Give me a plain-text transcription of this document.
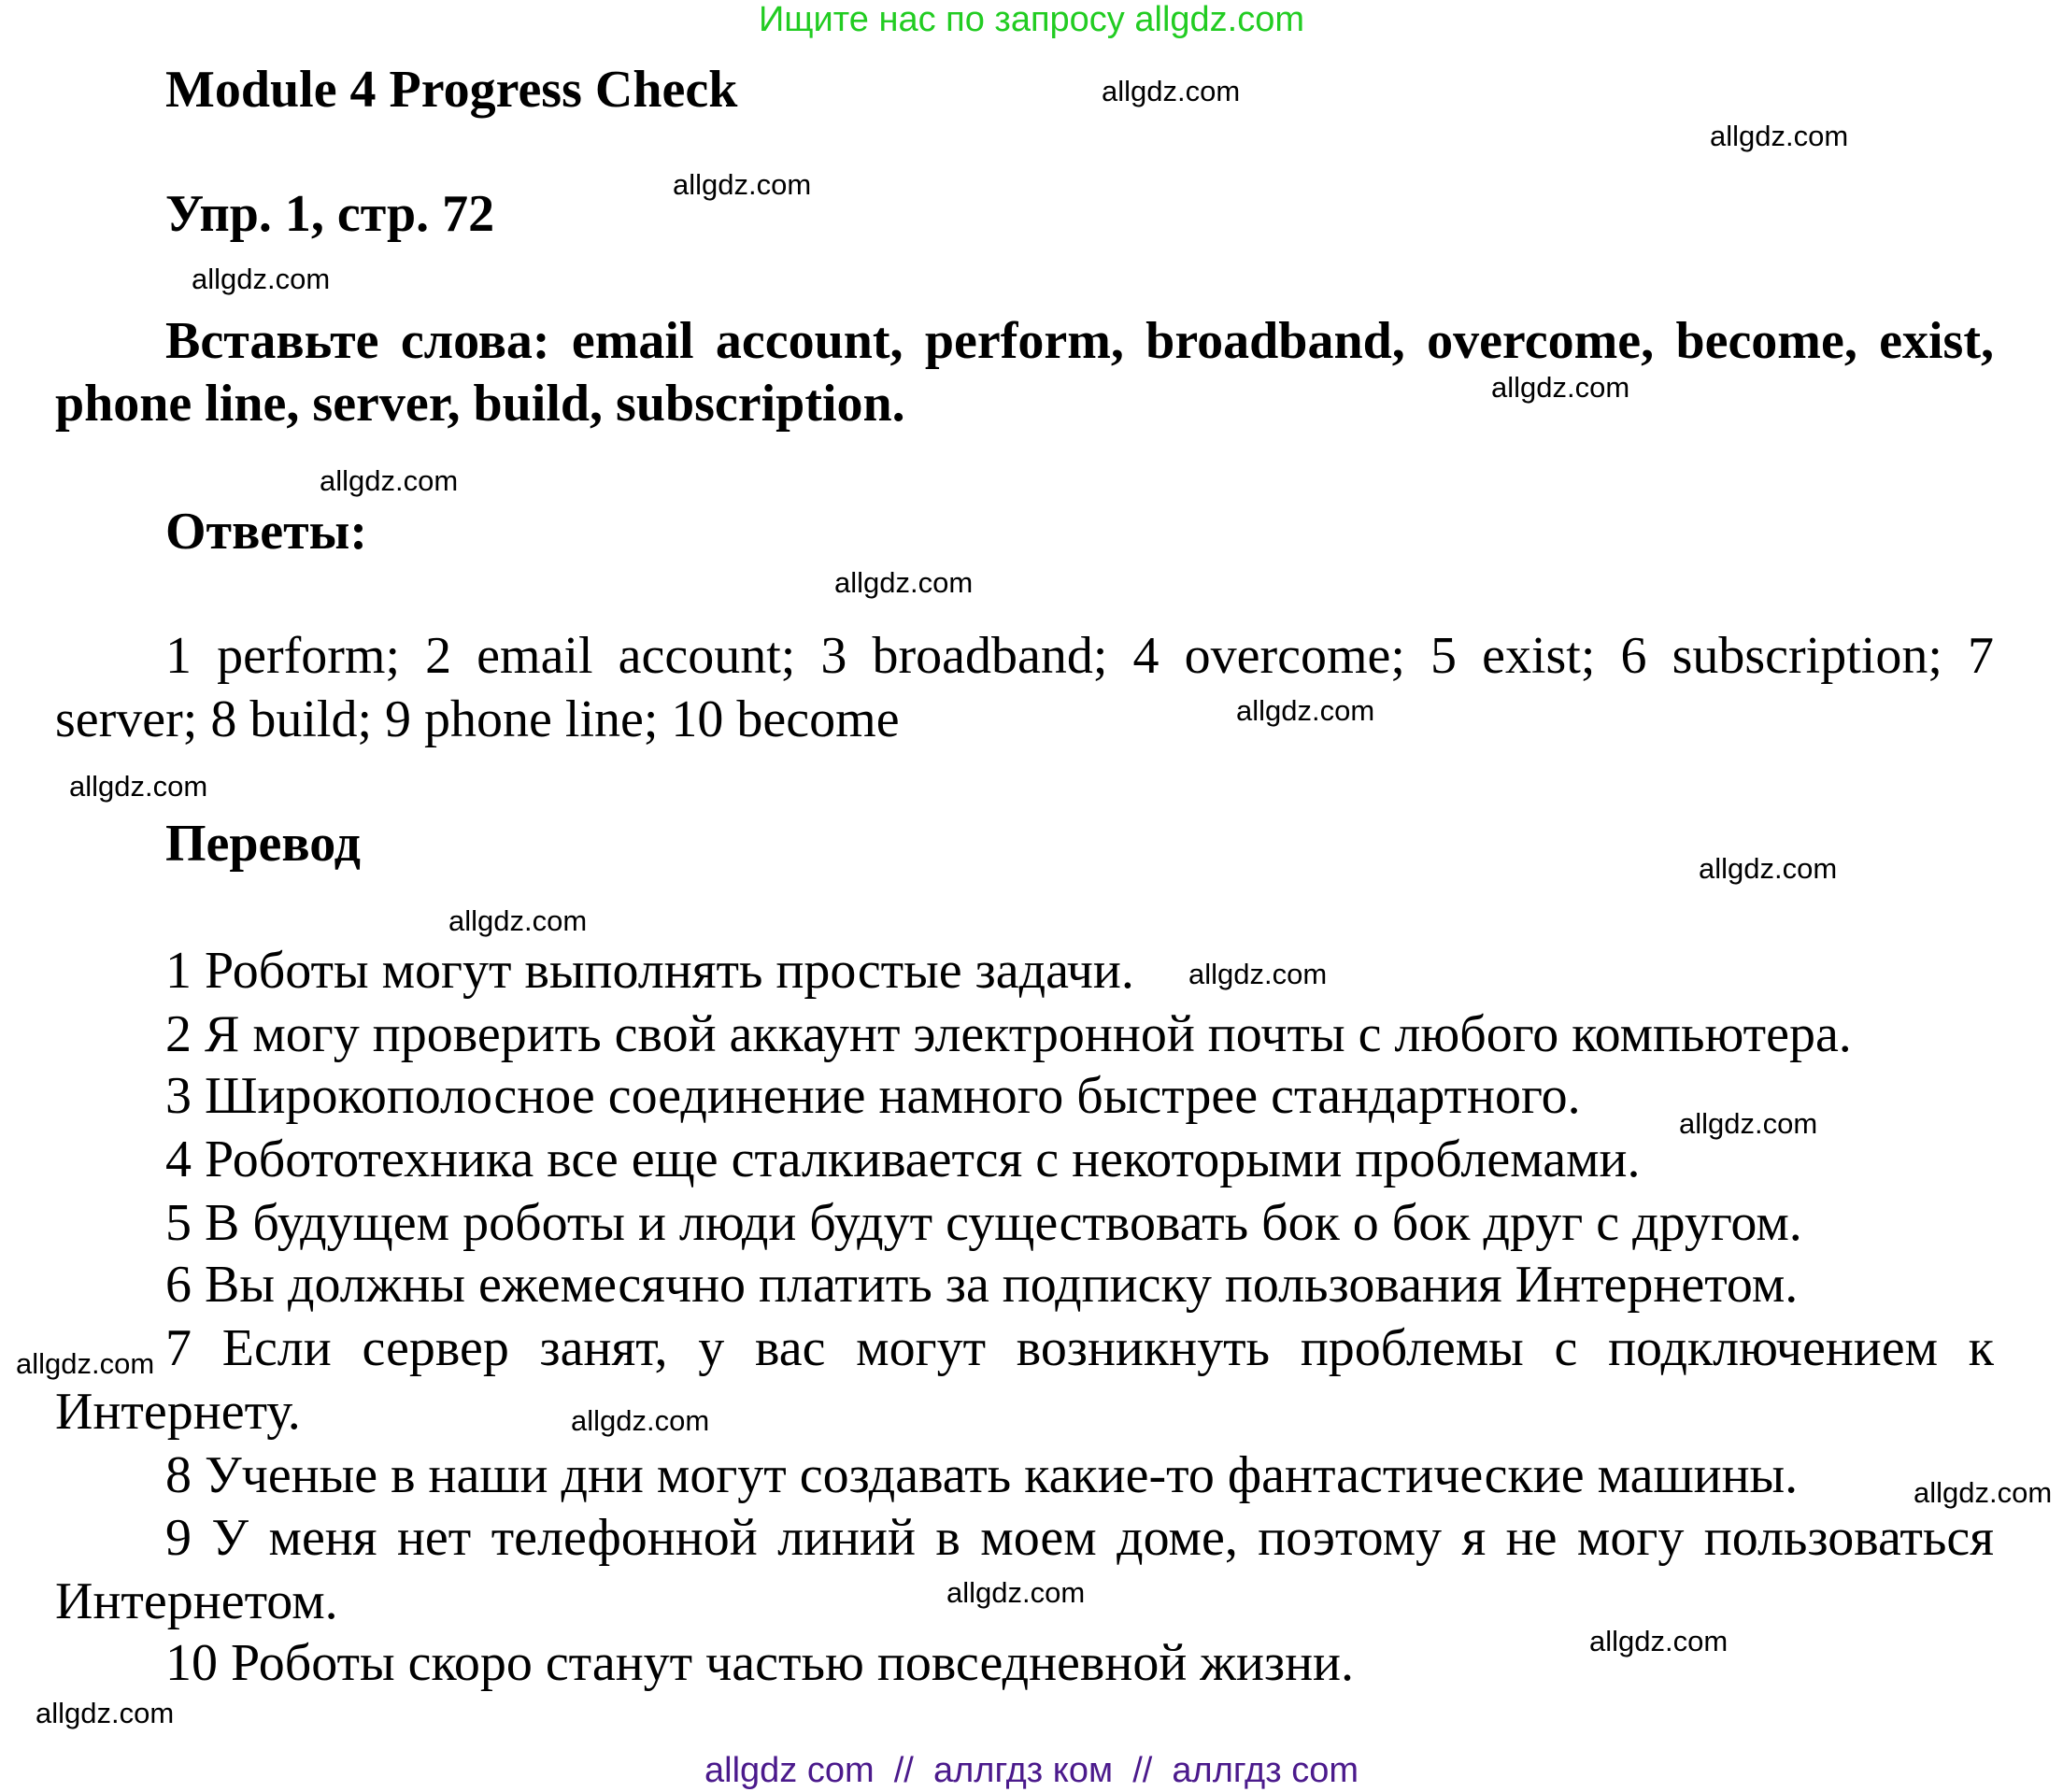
Ищите нас по запросу allgdz.com
Module 4 Progress Check
Упр. 1, стр. 72
Вставьте слова: email account, perform, broadband, overcome, become, exist,
phone line, server, build, subscription.
Ответы:
1 perform; 2 email account; 3 broadband; 4 overcome; 5 exist; 6 subscription; 7
server; 8 build; 9 phone line; 10 become
Перевод
1 Роботы могут выполнять простые задачи.
2 Я могу проверить свой аккаунт электронной почты с любого компьютера.
3 Широкополосное соединение намного быстрее стандартного.
4 Робототехника все еще сталкивается с некоторыми проблемами.
5 В будущем роботы и люди будут существовать бок о бок друг с другом.
6 Вы должны ежемесячно платить за подписку пользования Интернетом.
7 Если сервер занят, у вас могут возникнуть проблемы с подключением к
Интернету.
8 Ученые в наши дни могут создавать какие-то фантастические машины.
9 У меня нет телефонной линий в моем доме, поэтому я не могу пользоваться
Интернетом.
10 Роботы скоро станут частью повседневной жизни.
allgdz.com
allgdz.com
allgdz.com
allgdz.com
allgdz.com
allgdz.com
allgdz.com
allgdz.com
allgdz.com
allgdz.com
allgdz.com
allgdz.com
allgdz.com
allgdz.com
allgdz.com
allgdz.com
allgdz.com
allgdz.com
allgdz.com
allgdz com  //  аллгдз ком  //  аллгдз com
